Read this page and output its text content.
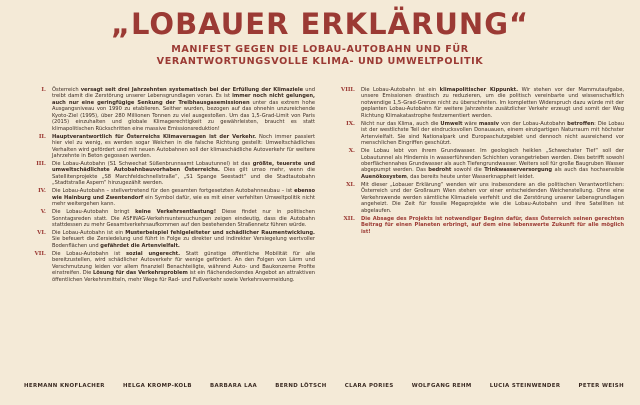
„LOBAUER ERKLÄRUNG“
MANIFEST GEGEN DIE LOBAU-AUTOBAHN UND FÜR
VERANTWORTUNGSVOLLE KLIMA- UND UMWELTPOLITIK
I.	Österreich versagt seit drei Jahrzehnten systematisch bei der Erfüllung der Klimaziele und treibt damit die Zerstörung unserer Lebensgrundlagen voran. Es ist immer noch nicht gelungen, auch nur eine geringfügige Senkung der Treibhausgasemissionen unter das extrem hohe Ausgangsniveau von 1990 zu etablieren. Seither wurden, bezogen auf das ohnehin unzureichende Kyoto-Ziel (1995), über 280 Millionen Tonnen zu viel ausgestoßen. Um das 1,5-Grad-Limit von Paris (2015) einzuhalten und globale Klimagerechtigkeit zu gewährleisten, braucht es statt klimapolitischen Rückschritten eine massive Emissionsreduktion!
II.	Hauptverantwortlich für Österreichs Klimaversagen ist der Verkehr. Noch immer passiert hier viel zu wenig, es werden sogar Weichen in die falsche Richtung gestellt: Umweltschädliches Verhalten wird gefördert und mit neuen Autobahnen soll der klimaschädliche Autoverkehr für weitere Jahrzehnte in Beton gegossen werden.
III.	Die Lobau-Autobahn (S1 Schwechat Süßenbrunnsamt Lobautunnel) ist das größte, teuerste und umweltschädlichste Autobahnbauvorhaben Österreichs. Dies gilt umso mehr, wenn die Satellitenprojekte „S8 Marchfeldschnellstraße“, „S1 Spange Seestadt“ und die Stadtautobahn „Stadtstraße Aspern“ hinzugezählt werden.
IV.	Die Lobau-Autobahn – stellvertretend für den gesamten fortgesetzten Autobahnneubau – ist ebenso wie Hainburg und Zwentendorf ein Symbol dafür, wie es mit einer verfehlten Umweltpolitik nicht mehr weitergehen kann.
V.	Die Lobau-Autobahn bringt keine Verkehrsentlastung! Diese findet nur in politischen Sonntagsreden statt. Die ASFINAG-Verkehrsuntersuchungen zeigen eindeutig, dass die Autobahn stattdessen zu mehr Gesamtverkehrsaufkommen auf den bestehenden Straßennetz führen würde.
VI.	Die Lobau-Autobahn ist ein Musterbeispiel fehlgeleiteter und schädlicher Raumentwicklung. Sie befeuert die Zersiedelung und führt in Folge zu direkter und indirekter Versiegelung wertvoller Bodenflächen und gefährdet die Artenvielfalt.
VII.	Die Lobau-Autobahn ist sozial ungerecht. Statt günstige öffentliche Mobilität für alle bereitzustellen, wird schädlicher Autoverkehr für wenige gefördert. An den Folgen von Lärm und Verschmutzung leiden vor allem finanziell Benachteiligte, während Auto- und Baukonzerne Profite einstreifen. Die Lösung für das Verkehrsproblem ist ein flächendeckendes Angebot an attraktiven öffentlichen Verkehrsmitteln, mehr Wege für Rad- und Fußverkehr sowie Verkehrsvermeidung.
VIII.	Die Lobau-Autobahn ist ein klimapolitischer Kippunkt. Wir stehen vor der Mammutaufgabe, unsere Emissionen drastisch zu reduzieren, um die politisch vereinbarte und wissenschaftlich notwendige 1,5-Grad-Grenze nicht zu überschreiten. Im kompletten Widerspruch dazu würde mit der geplanten Lobau-Autobahn für weitere Jahrzehnte zusätzlicher Verkehr erzeugt und somit der Weg Richtung Klimakatastrophe festzementiert werden.
IX.	Nicht nur das Klima, auch die Umwelt wäre massiv von der Lobau-Autobahn betroffen: Die Lobau ist der westlichste Teil der eindrucksvollen Donauauen, einem einzigartigen Naturraum mit höchster Artenvielfalt. Sie sind Nationalpark und Europaschutzgebiet und dennoch nicht ausreichend vor menschlichen Eingriffen geschützt.
X.	Die Lobau lebt von ihrem Grundwasser. Im geologisch heiklen „Schwechater Tief“ soll der Lobautunnel als Hindernis in wasserführenden Schichten vorangetrieben werden. Dies betrifft sowohl oberflächennahes Grundwasser als auch Tiefengrundwasser. Weiters soll für große Baugruben Wasser abgepumpt werden. Das bedroht sowohl die Trinkwasserversorgung als auch das hochsensible Auenökosystem, das bereits heute unter Wasserknappheit leidet.
XI.	Mit dieser „Lobauer Erklärung“ wenden wir uns insbesondere an die politischen Verantwortlichen: Österreich und der Großraum Wien stehen vor einer entscheidenden Weichenstellung. Ohne eine Verkehrswende werden sämtliche Klimaziele verfehlt und die Zerstörung unserer Lebensgrundlagen angeheizt. Die Zeit für fossile Megaprojekte wie die Lobau-Autobahn und ihre Satelliten ist abgelaufen.
XII.	Die Absage des Projekts ist notwendiger Beginn dafür, dass Österreich seinen gerechten Beitrag für einen Planeten erbringt, auf dem eine lebenswerte Zukunft für alle möglich ist!
HERMANN KNOFLACHER	HELGA KROMP-KOLB	BARBARA LAA	BERND LÖTSCH	CLARA PORIES	WOLFGANG REHM	LUCIA STEINWENDER	PETER WEISH
